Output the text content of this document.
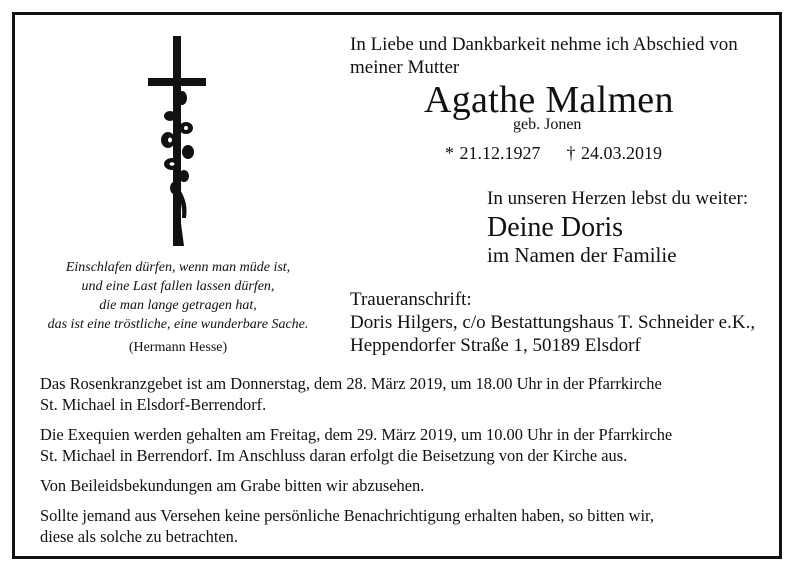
Einschlafen dürfen, wenn man müde ist,
und eine Last fallen lassen dürfen,
die man lange getragen hat,
das ist eine tröstliche, eine wunderbare Sache.
(Hermann Hesse)
In Liebe und Dankbarkeit nehme ich Abschied von
meiner Mutter
Agathe Malmen
geb. Jonen
* 21.12.1927 † 24.03.2019
In unseren Herzen lebst du weiter:
Deine Doris
im Namen der Familie
Traueranschrift:
Doris Hilgers, c/o Bestattungshaus T. Schneider e.K.,
Heppendorfer Straße 1, 50189 Elsdorf

Das Rosenkranzgebet ist am Donnerstag, dem 28. März 2019, um 18.00 Uhr in der Pfarrkirche
St. Michael in Elsdorf-Berrendorf.

Die Exequien werden gehalten am Freitag, dem 29. März 2019, um 10.00 Uhr in der Pfarrkirche
St. Michael in Berrendorf. Im Anschluss daran erfolgt die Beisetzung von der Kirche aus.

Von Beileidsbekundungen am Grabe bitten wir abzusehen.

Sollte jemand aus Versehen keine persönliche Benachrichtigung erhalten haben, so bitten wir,
diese als solche zu betrachten.
